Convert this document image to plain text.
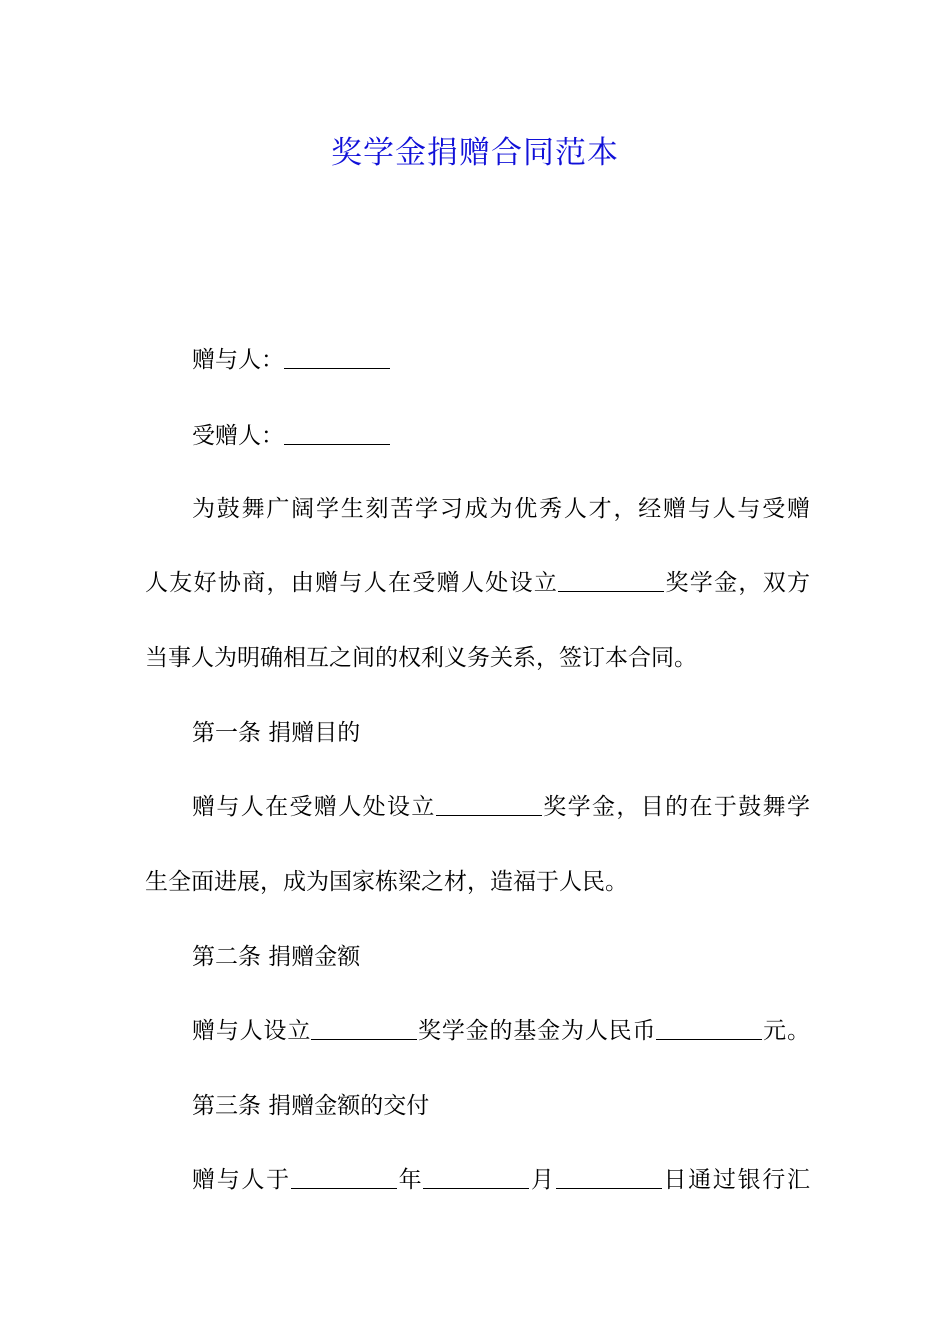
奖学金捐赠合同范本
赠与人：
受赠人：
为鼓舞广阔学生刻苦学习成为优秀人才，经赠与人与受赠
人友好协商，由赠与人在受赠人处设立	奖学金，双方
当事人为明确相互之间的权利义务关系，签订本合同。
第一条 捐赠目的
赠与人在受赠人处设立	奖学金，目的在于鼓舞学
生全面进展，成为国家栋梁之材，造福于人民。
第二条 捐赠金额
赠与人设立	奖学金的基金为人民币	元。
第三条 捐赠金额的交付
赠与人于	年	月	日通过银行汇
